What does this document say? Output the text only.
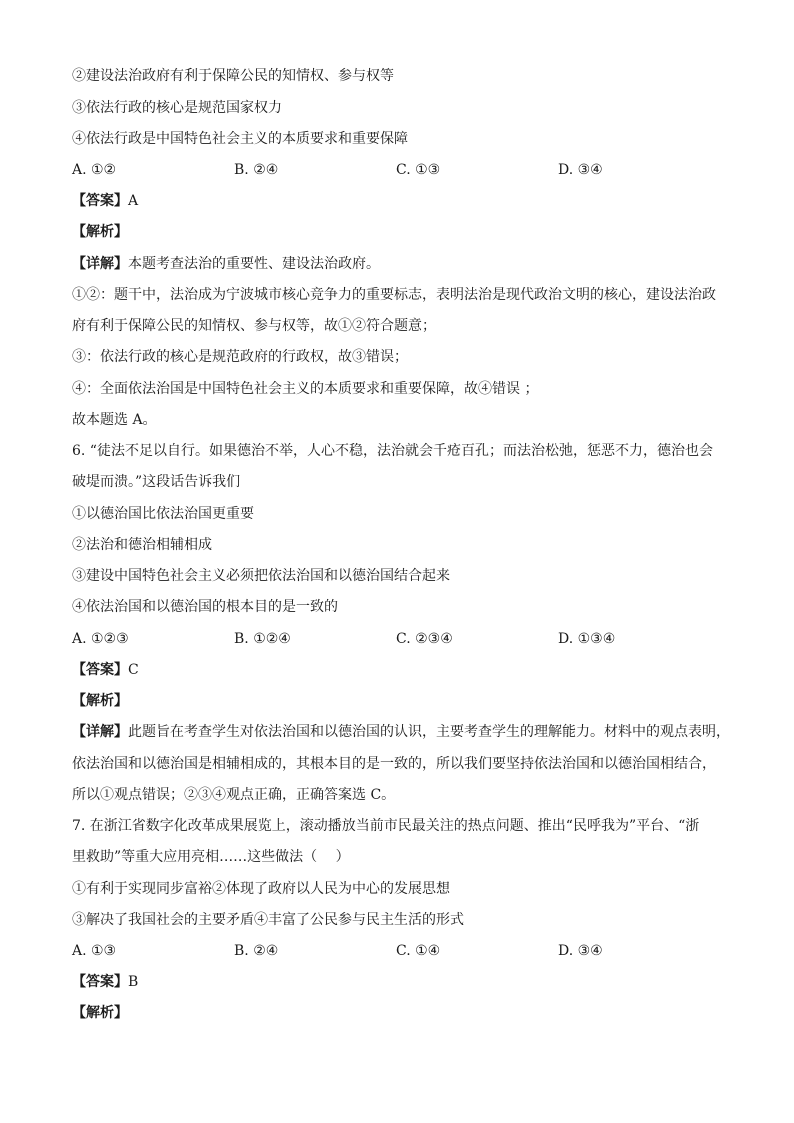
②建设法治政府有利于保障公民的知情权、参与权等
③依法行政的核心是规范国家权力
④依法行政是中国特色社会主义的本质要求和重要保障
A. ①②	B. ②④	C. ①③	D. ③④
【答案】A
【解析】
【详解】本题考查法治的重要性、建设法治政府。
①②：题干中，法治成为宁波城市核心竞争力的重要标志，表明法治是现代政治文明的核心，建设法治政
府有利于保障公民的知情权、参与权等，故①②符合题意；
③：依法行政的核心是规范政府的行政权，故③错误；
④：全面依法治国是中国特色社会主义的本质要求和重要保障，故④错误 ；
故本题选 A。
6. “徒法不足以自行。如果德治不举，人心不稳，法治就会千疮百孔；而法治松弛，惩恶不力，德治也会
破堤而溃。”这段话告诉我们
①以德治国比依法治国更重要
②法治和德治相辅相成
③建设中国特色社会主义必须把依法治国和以德治国结合起来
④依法治国和以德治国的根本目的是一致的
A. ①②③	B. ①②④	C. ②③④	D. ①③④
【答案】C
【解析】
【详解】此题旨在考查学生对依法治国和以德治国的认识，主要考查学生的理解能力。材料中的观点表明，
依法治国和以德治国是相辅相成的，其根本目的是一致的，所以我们要坚持依法治国和以德治国相结合，
所以①观点错误；②③④观点正确，正确答案选 C。
7. 在浙江省数字化改革成果展览上，滚动播放当前市民最关注的热点问题、推出“民呼我为”平台、“浙
里救助”等重大应用亮相……这些做法（　 ）
①有利于实现同步富裕②体现了政府以人民为中心的发展思想
③解决了我国社会的主要矛盾④丰富了公民参与民主生活的形式
A. ①③	B. ②④	C. ①④	D. ③④
【答案】B
【解析】
